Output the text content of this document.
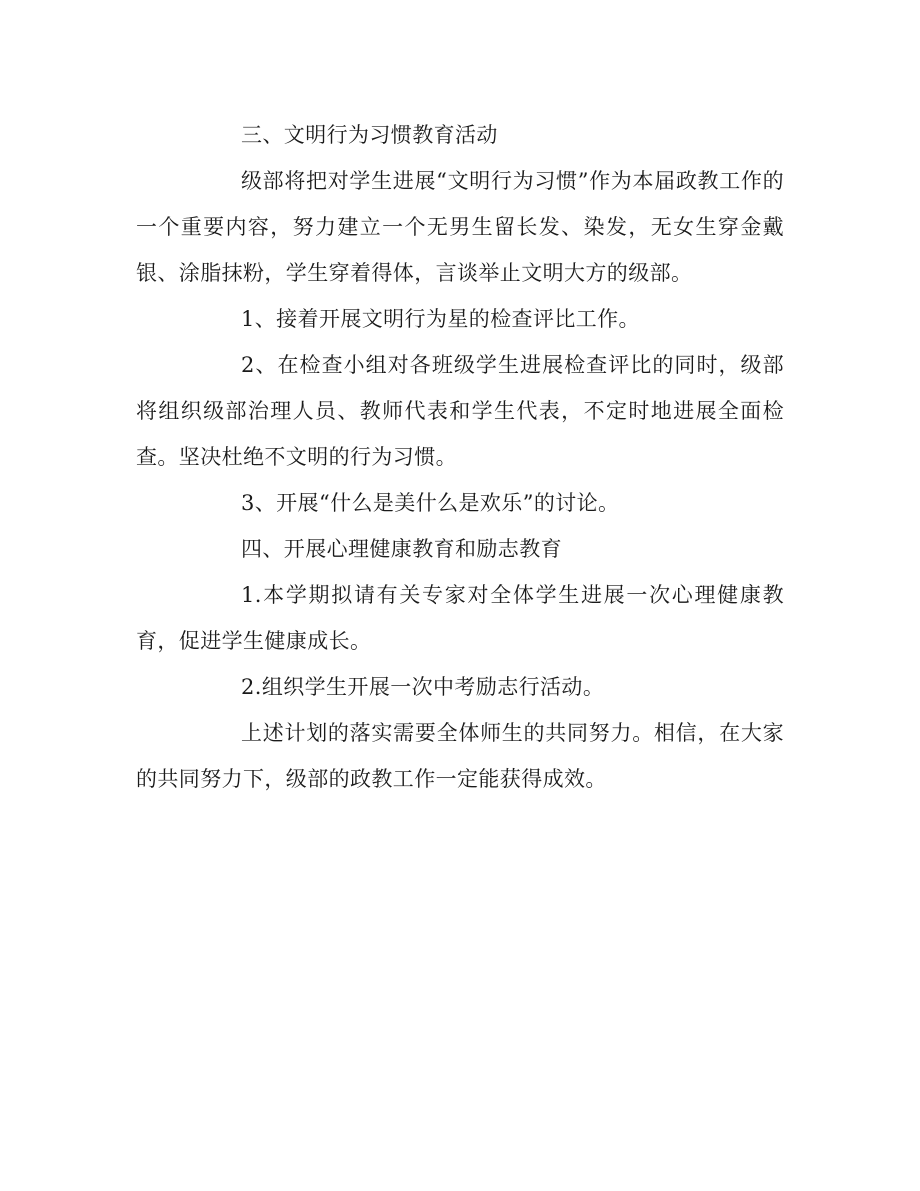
三、文明行为习惯教育活动

级部将把对学生进展“文明行为习惯”作为本届政教工作的一个重要内容，努力建立一个无男生留长发、染发，无女生穿金戴银、涂脂抹粉，学生穿着得体，言谈举止文明大方的级部。

1、接着开展文明行为星的检查评比工作。

2、在检查小组对各班级学生进展检查评比的同时，级部将组织级部治理人员、教师代表和学生代表，不定时地进展全面检查。坚决杜绝不文明的行为习惯。

3、开展“什么是美什么是欢乐”的讨论。

四、开展心理健康教育和励志教育

1.本学期拟请有关专家对全体学生进展一次心理健康教育，促进学生健康成长。

2.组织学生开展一次中考励志行活动。

上述计划的落实需要全体师生的共同努力。相信，在大家的共同努力下，级部的政教工作一定能获得成效。
